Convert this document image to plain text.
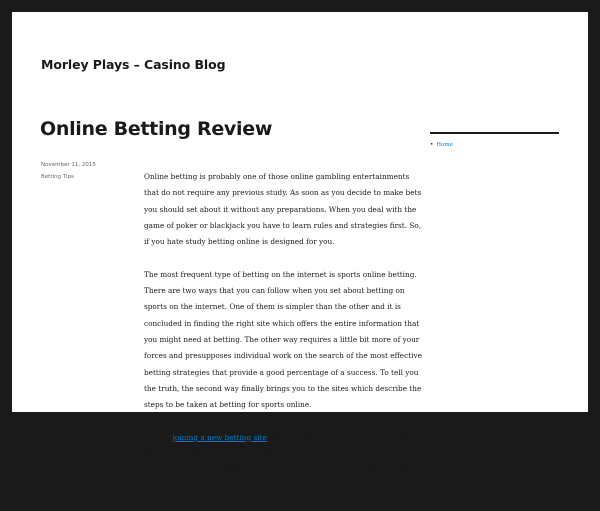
Morley Plays – Casino Blog
Online Betting Review
November 11, 2015
Betting Tips	Online betting is probably one of those online gambling entertainments
that do not require any previous study. As soon as you decide to make bets
you should set about it without any preparations. When you deal with the
game of poker or blackjack you have to learn rules and strategies first. So,
if you hate study betting online is designed for you.

The most frequent type of betting on the internet is sports online betting.
There are two ways that you can follow when you set about betting on
sports on the internet. One of them is simpler than the other and it is
concluded in finding the right site which offers the entire information that
you might need at betting. The other way requires a little bit more of your
forces and presupposes individual work on the search of the most effective
betting strategies that provide a good percentage of a success. To tell you
the truth, the second way finally brings you to the sites which describe the
steps to be taken at betting for sports online.

In fact, joining a new betting site is a big deal because on such site you
will be able to take use of all kinds of help beginning with daily tips for
playing teams and general statistics and finishing with betting bonuses
available. Moreover, certain online betting sites also offer the opportunity

• Home
